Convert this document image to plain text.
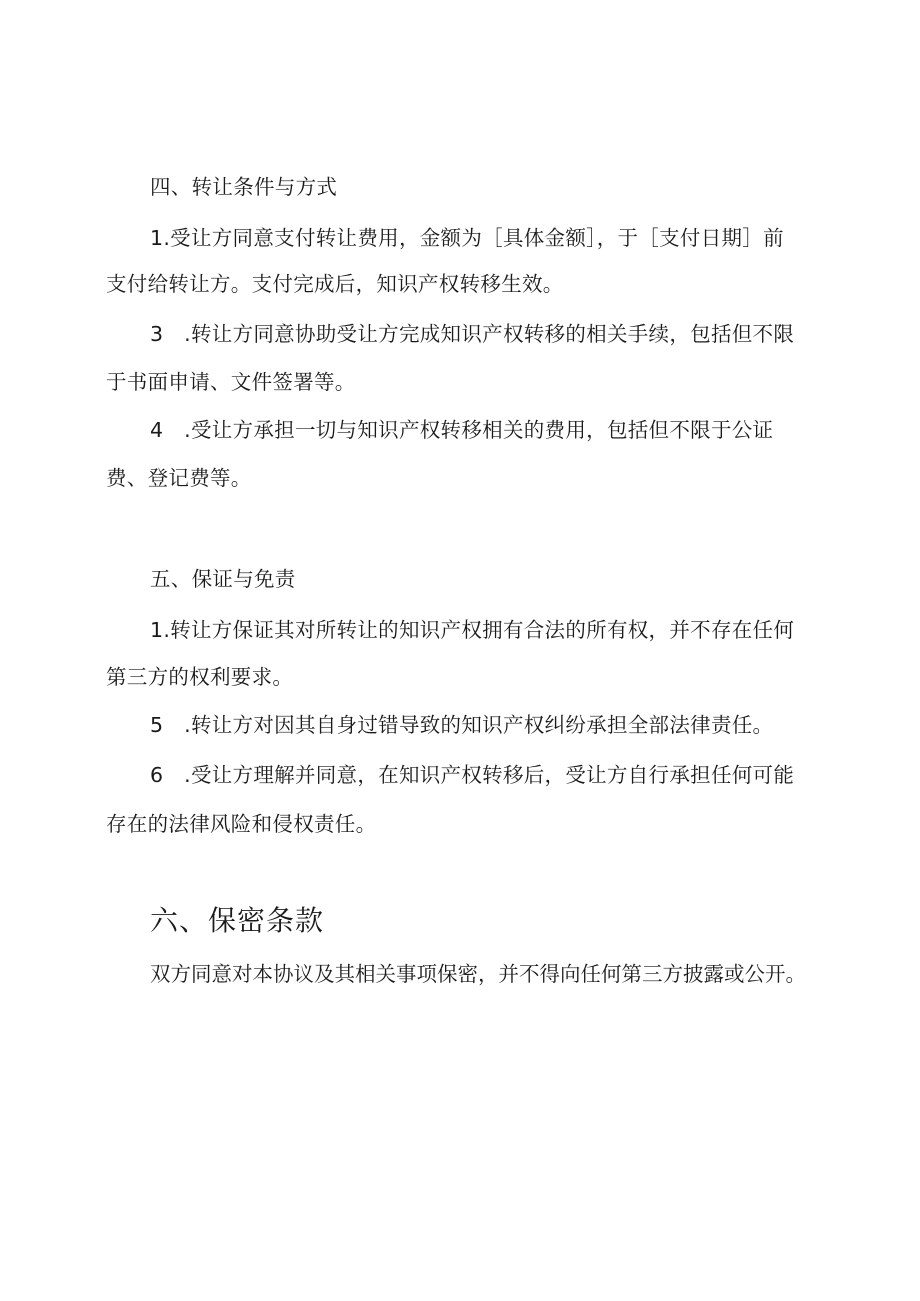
四、转让条件与方式
1.受让方同意支付转让费用，金额为［具体金额］，于［支付日期］前
支付给转让方。支付完成后，知识产权转移生效。
3　.转让方同意协助受让方完成知识产权转移的相关手续，包括但不限
于书面申请、文件签署等。
4　.受让方承担一切与知识产权转移相关的费用，包括但不限于公证
费、登记费等。
五、保证与免责
1.转让方保证其对所转让的知识产权拥有合法的所有权，并不存在任何
第三方的权利要求。
5　.转让方对因其自身过错导致的知识产权纠纷承担全部法律责任。
6　.受让方理解并同意，在知识产权转移后，受让方自行承担任何可能
存在的法律风险和侵权责任。
六、保密条款
双方同意对本协议及其相关事项保密，并不得向任何第三方披露或公开。
